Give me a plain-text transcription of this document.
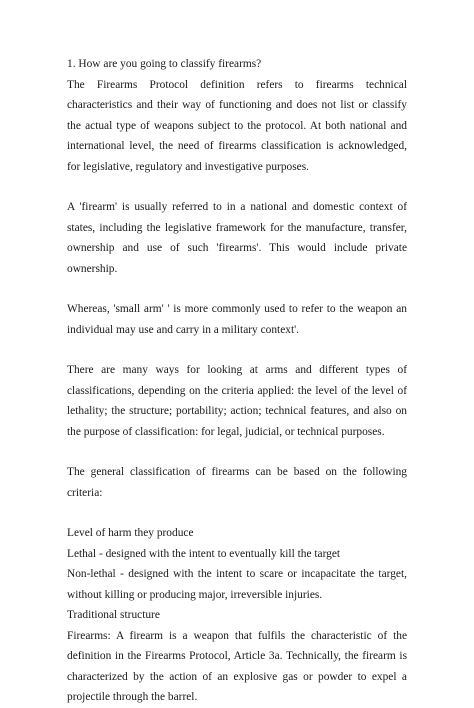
1. How are you going to classify firearms?

The Firearms Protocol definition refers to firearms technical characteristics and their way of functioning and does not list or classify the actual type of weapons subject to the protocol. At both national and international level, the need of firearms classification is acknowledged, for legislative, regulatory and investigative purposes.

A 'firearm' is usually referred to in a national and domestic context of states, including the legislative framework for the manufacture, transfer, ownership and use of such 'firearms'. This would include private ownership.

Whereas, 'small arm' ' is more commonly used to refer to the weapon an individual may use and carry in a military context'.

There are many ways for looking at arms and different types of classifications, depending on the criteria applied: the level of the level of lethality; the structure; portability; action; technical features, and also on the purpose of classification: for legal, judicial, or technical purposes.

The general classification of firearms can be based on the following criteria:

Level of harm they produce

Lethal - designed with the intent to eventually kill the target

Non-lethal - designed with the intent to scare or incapacitate the target, without killing or producing major, irreversible injuries.

Traditional structure

Firearms: A firearm is a weapon that fulfils the characteristic of the definition in the Firearms Protocol, Article 3a. Technically, the firearm is characterized by the action of an explosive gas or powder to expel a projectile through the barrel.
